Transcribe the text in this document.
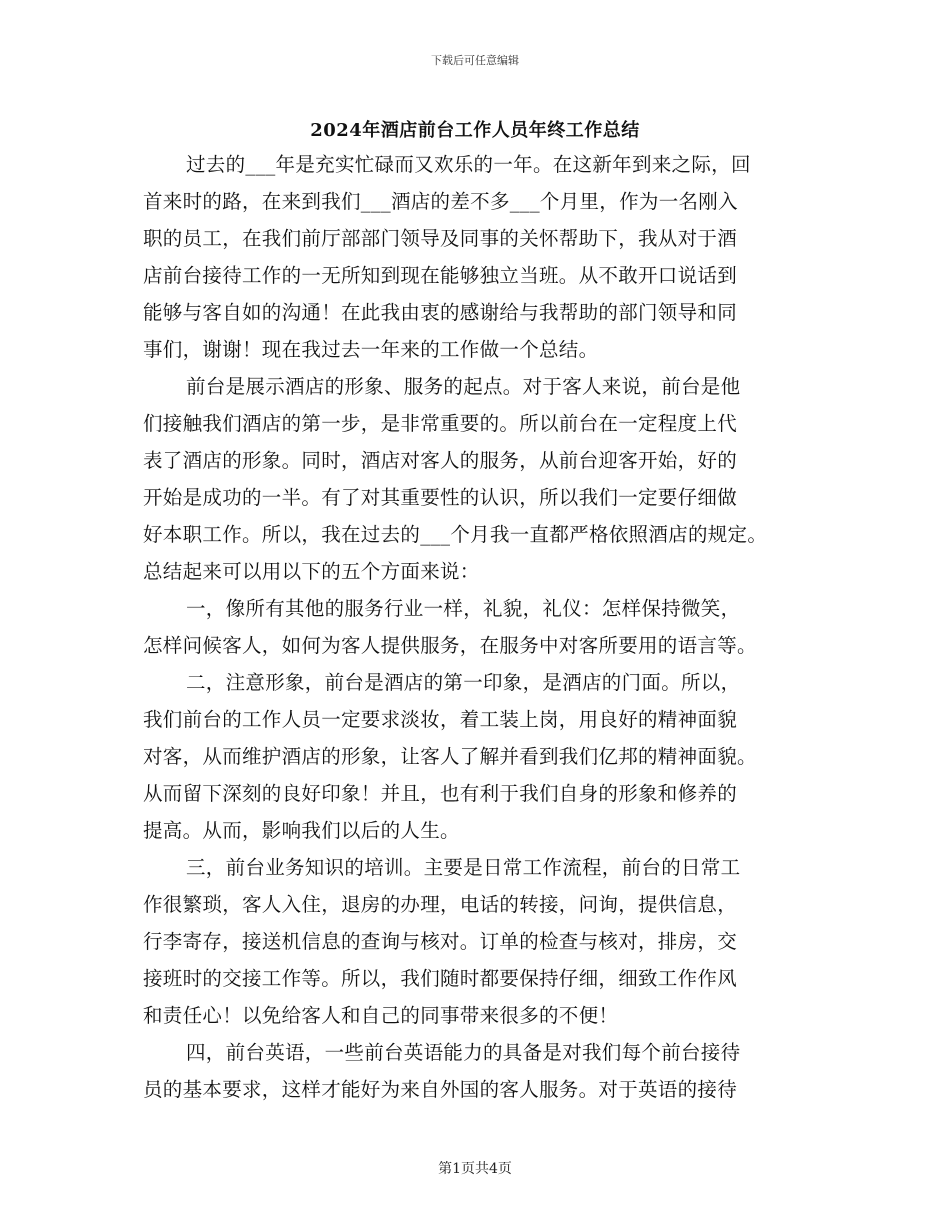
下载后可任意编辑
2024年酒店前台工作人员年终工作总结
过去的___年是充实忙碌而又欢乐的一年。在这新年到来之际，回
首来时的路，在来到我们___酒店的差不多___个月里，作为一名刚入
职的员工，在我们前厅部部门领导及同事的关怀帮助下，我从对于酒
店前台接待工作的一无所知到现在能够独立当班。从不敢开口说话到
能够与客自如的沟通！在此我由衷的感谢给与我帮助的部门领导和同
事们，谢谢！现在我过去一年来的工作做一个总结。
前台是展示酒店的形象、服务的起点。对于客人来说，前台是他
们接触我们酒店的第一步，是非常重要的。所以前台在一定程度上代
表了酒店的形象。同时，酒店对客人的服务，从前台迎客开始，好的
开始是成功的一半。有了对其重要性的认识，所以我们一定要仔细做
好本职工作。所以，我在过去的___个月我一直都严格依照酒店的规定。
总结起来可以用以下的五个方面来说：
一，像所有其他的服务行业一样，礼貌，礼仪：怎样保持微笑，
怎样问候客人，如何为客人提供服务，在服务中对客所要用的语言等。
二，注意形象，前台是酒店的第一印象，是酒店的门面。所以，
我们前台的工作人员一定要求淡妆，着工装上岗，用良好的精神面貌
对客，从而维护酒店的形象，让客人了解并看到我们亿邦的精神面貌。
从而留下深刻的良好印象！并且，也有利于我们自身的形象和修养的
提高。从而，影响我们以后的人生。
三，前台业务知识的培训。主要是日常工作流程，前台的日常工
作很繁琐，客人入住，退房的办理，电话的转接，问询，提供信息，
行李寄存，接送机信息的查询与核对。订单的检查与核对，排房，交
接班时的交接工作等。所以，我们随时都要保持仔细，细致工作作风
和责任心！以免给客人和自己的同事带来很多的不便！
四，前台英语，一些前台英语能力的具备是对我们每个前台接待
员的基本要求，这样才能好为来自外国的客人服务。对于英语的接待
第1页共4页
